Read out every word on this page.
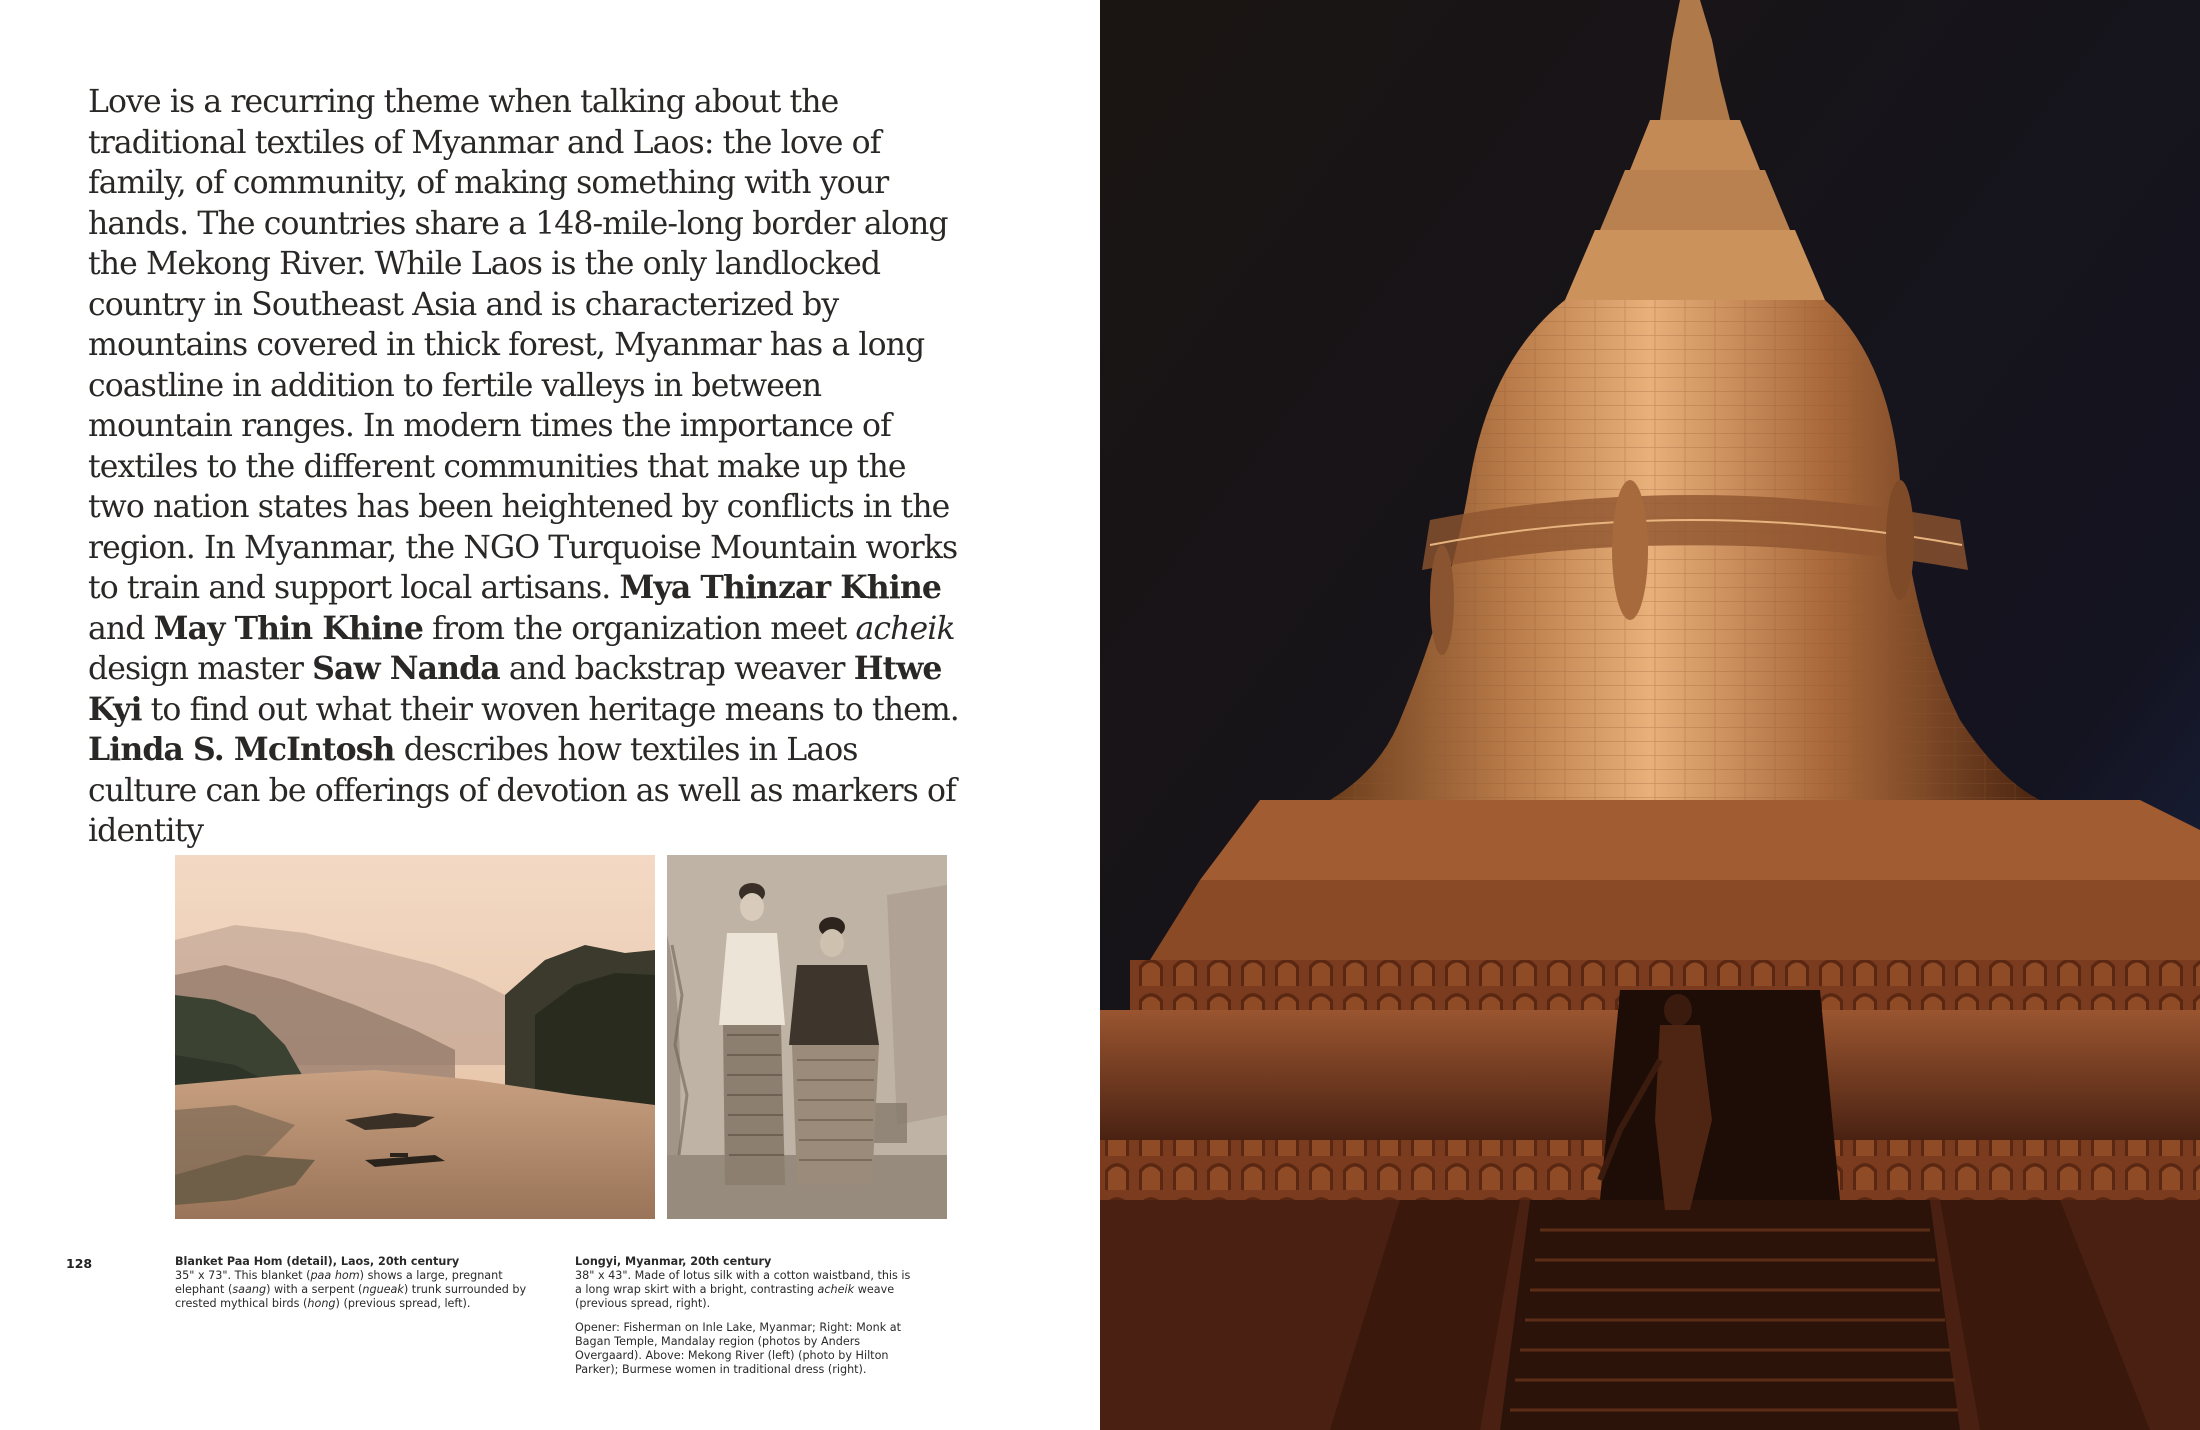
Love is a recurring theme when talking about the traditional textiles of Myanmar and Laos: the love of family, of community, of making something with your hands. The countries share a 148-mile-long border along the Mekong River. While Laos is the only landlocked country in Southeast Asia and is characterized by mountains covered in thick forest, Myanmar has a long coastline in addition to fertile valleys in between mountain ranges. In modern times the importance of textiles to the different communities that make up the two nation states has been heightened by conflicts in the region. In Myanmar, the NGO Turquoise Mountain works to train and support local artisans. Mya Thinzar Khine and May Thin Khine from the organization meet acheik design master Saw Nanda and backstrap weaver Htwe Kyi to find out what their woven heritage means to them. Linda S. McIntosh describes how textiles in Laos culture can be offerings of devotion as well as markers of identity
128	Blanket Paa Hom (detail), Laos, 20th century
35" x 73". This blanket (paa hom) shows a large, pregnant elephant (saang) with a serpent (ngueak) trunk surrounded by crested mythical birds (hong) (previous spread, left).
Longyi, Myanmar, 20th century
38" x 43". Made of lotus silk with a cotton waistband, this is a long wrap skirt with a bright, contrasting acheik weave (previous spread, right).
Opener: Fisherman on Inle Lake, Myanmar; Right: Monk at Bagan Temple, Mandalay region (photos by Anders Overgaard). Above: Mekong River (left) (photo by Hilton Parker); Burmese women in traditional dress (right).
